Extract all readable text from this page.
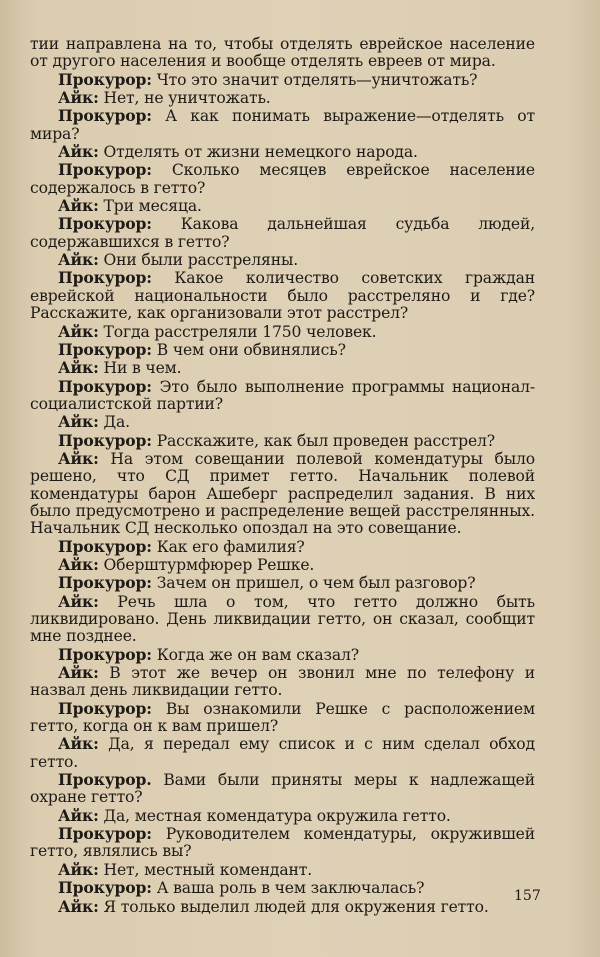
тии направлена на то, чтобы отделять еврейское население от другого населения и вообще отделять евреев от мира.

Прокурор: Что это значит отделять—уничтожать?

Айк: Нет, не уничтожать.

Прокурор: А как понимать выражение—отделять от мира?

Айк: Отделять от жизни немецкого народа.

Прокурор: Сколько месяцев еврейское население содержалось в гетто?

Айк: Три месяца.

Прокурор: Какова дальнейшая судьба людей, содержавшихся в гетто?

Айк: Они были расстреляны.

Прокурор: Какое количество советских граждан еврейской национальности было расстреляно и где? Расскажите, как организовали этот расстрел?

Айк: Тогда расстреляли 1750 человек.

Прокурор: В чем они обвинялись?

Айк: Ни в чем.

Прокурор: Это было выполнение программы национал-социалистской партии?

Айк: Да.

Прокурор: Расскажите, как был проведен расстрел?

Айк: На этом совещании полевой комендатуры было решено, что СД примет гетто. Начальник полевой комендатуры барон Ашеберг распределил задания. В них было предусмотрено и распределение вещей расстрелянных. Начальник СД несколько опоздал на это совещание.

Прокурор: Как его фамилия?

Айк: Оберштурмфюрер Решке.

Прокурор: Зачем он пришел, о чем был разговор?

Айк: Речь шла о том, что гетто должно быть ликвидировано. День ликвидации гетто, он сказал, сообщит мне позднее.

Прокурор: Когда же он вам сказал?

Айк: В этот же вечер он звонил мне по телефону и назвал день ликвидации гетто.

Прокурор: Вы ознакомили Решке с расположением гетто, когда он к вам пришел?

Айк: Да, я передал ему список и с ним сделал обход гетто.

Прокурор. Вами были приняты меры к надлежащей охране гетто?

Айк: Да, местная комендатура окружила гетто.

Прокурор: Руководителем комендатуры, окружившей гетто, являлись вы?

Айк: Нет, местный комендант.

Прокурор: А ваша роль в чем заключалась?

Айк: Я только выделил людей для окружения гетто.

157
